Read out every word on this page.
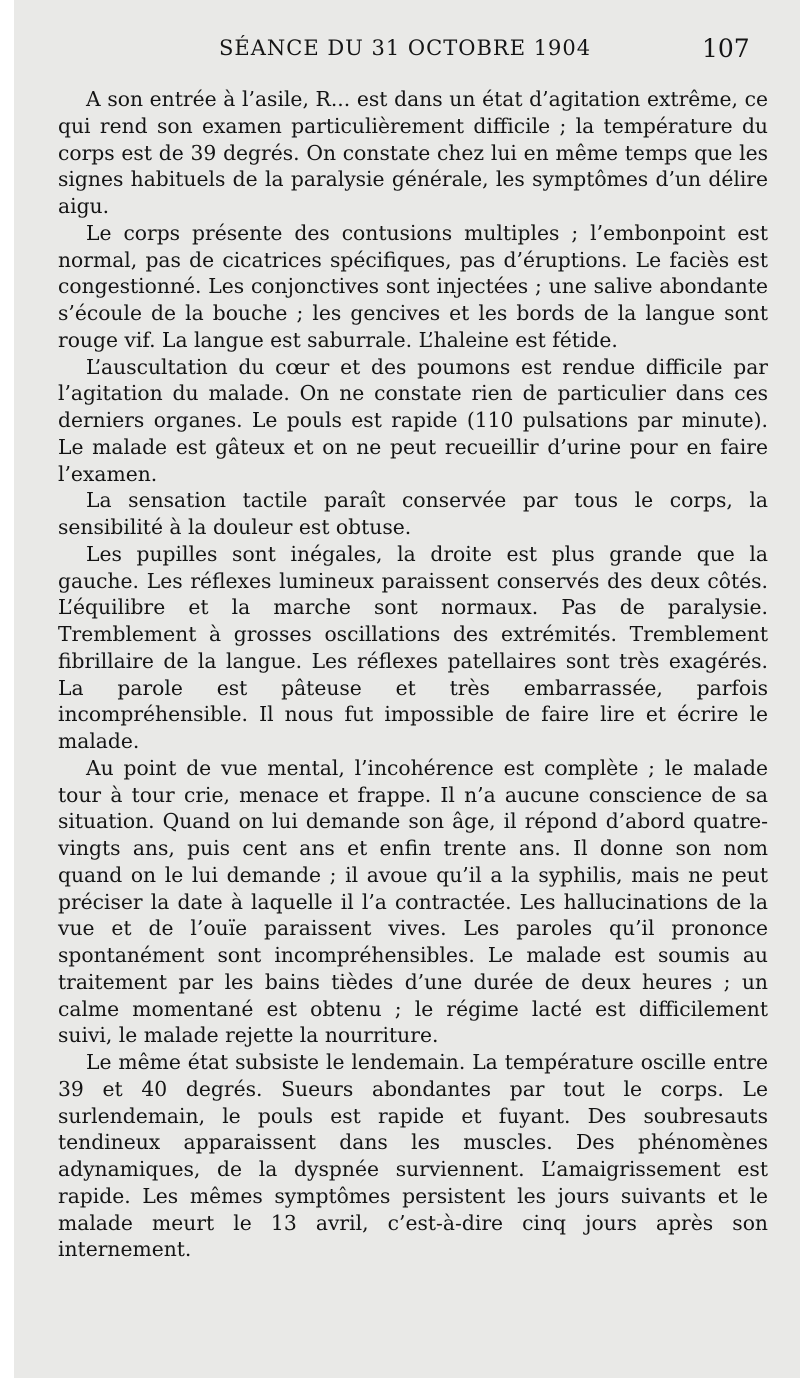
SÉANCE DU 31 OCTOBRE 1904	107

A son entrée à l’asile, R... est dans un état d’agitation extrême, ce qui rend son examen particulièrement difficile ; la température du corps est de 39 degrés. On constate chez lui en même temps que les signes habituels de la paralysie générale, les symptômes d’un délire aigu.

Le corps présente des contusions multiples ; l’embonpoint est normal, pas de cicatrices spécifiques, pas d’éruptions. Le faciès est congestionné. Les conjonctives sont injectées ; une salive abondante s’écoule de la bouche ; les gencives et les bords de la langue sont rouge vif. La langue est saburrale. L’haleine est fétide.

L’auscultation du cœur et des poumons est rendue difficile par l’agitation du malade. On ne constate rien de particulier dans ces derniers organes. Le pouls est rapide (110 pulsations par minute). Le malade est gâteux et on ne peut recueillir d’urine pour en faire l’examen.

La sensation tactile paraît conservée par tous le corps, la sensibilité à la douleur est obtuse.

Les pupilles sont inégales, la droite est plus grande que la gauche. Les réflexes lumineux paraissent conservés des deux côtés. L’équilibre et la marche sont normaux. Pas de paralysie. Tremblement à grosses oscillations des extrémités. Tremblement fibrillaire de la langue. Les réflexes patellaires sont très exagérés. La parole est pâteuse et très embarrassée, parfois incompréhensible. Il nous fut impossible de faire lire et écrire le malade.

Au point de vue mental, l’incohérence est complète ; le malade tour à tour crie, menace et frappe. Il n’a aucune conscience de sa situation. Quand on lui demande son âge, il répond d’abord quatre-vingts ans, puis cent ans et enfin trente ans. Il donne son nom quand on le lui demande ; il avoue qu’il a la syphilis, mais ne peut préciser la date à laquelle il l’a contractée. Les hallucinations de la vue et de l’ouïe paraissent vives. Les paroles qu’il prononce spontanément sont incompréhensibles. Le malade est soumis au traitement par les bains tièdes d’une durée de deux heures ; un calme momentané est obtenu ; le régime lacté est difficilement suivi, le malade rejette la nourriture.

Le même état subsiste le lendemain. La température oscille entre 39 et 40 degrés. Sueurs abondantes par tout le corps. Le surlendemain, le pouls est rapide et fuyant. Des soubresauts tendineux apparaissent dans les muscles. Des phénomènes adynamiques, de la dyspnée surviennent. L’amaigrissement est rapide. Les mêmes symptômes persistent les jours suivants et le malade meurt le 13 avril, c’est-à-dire cinq jours après son internement.
